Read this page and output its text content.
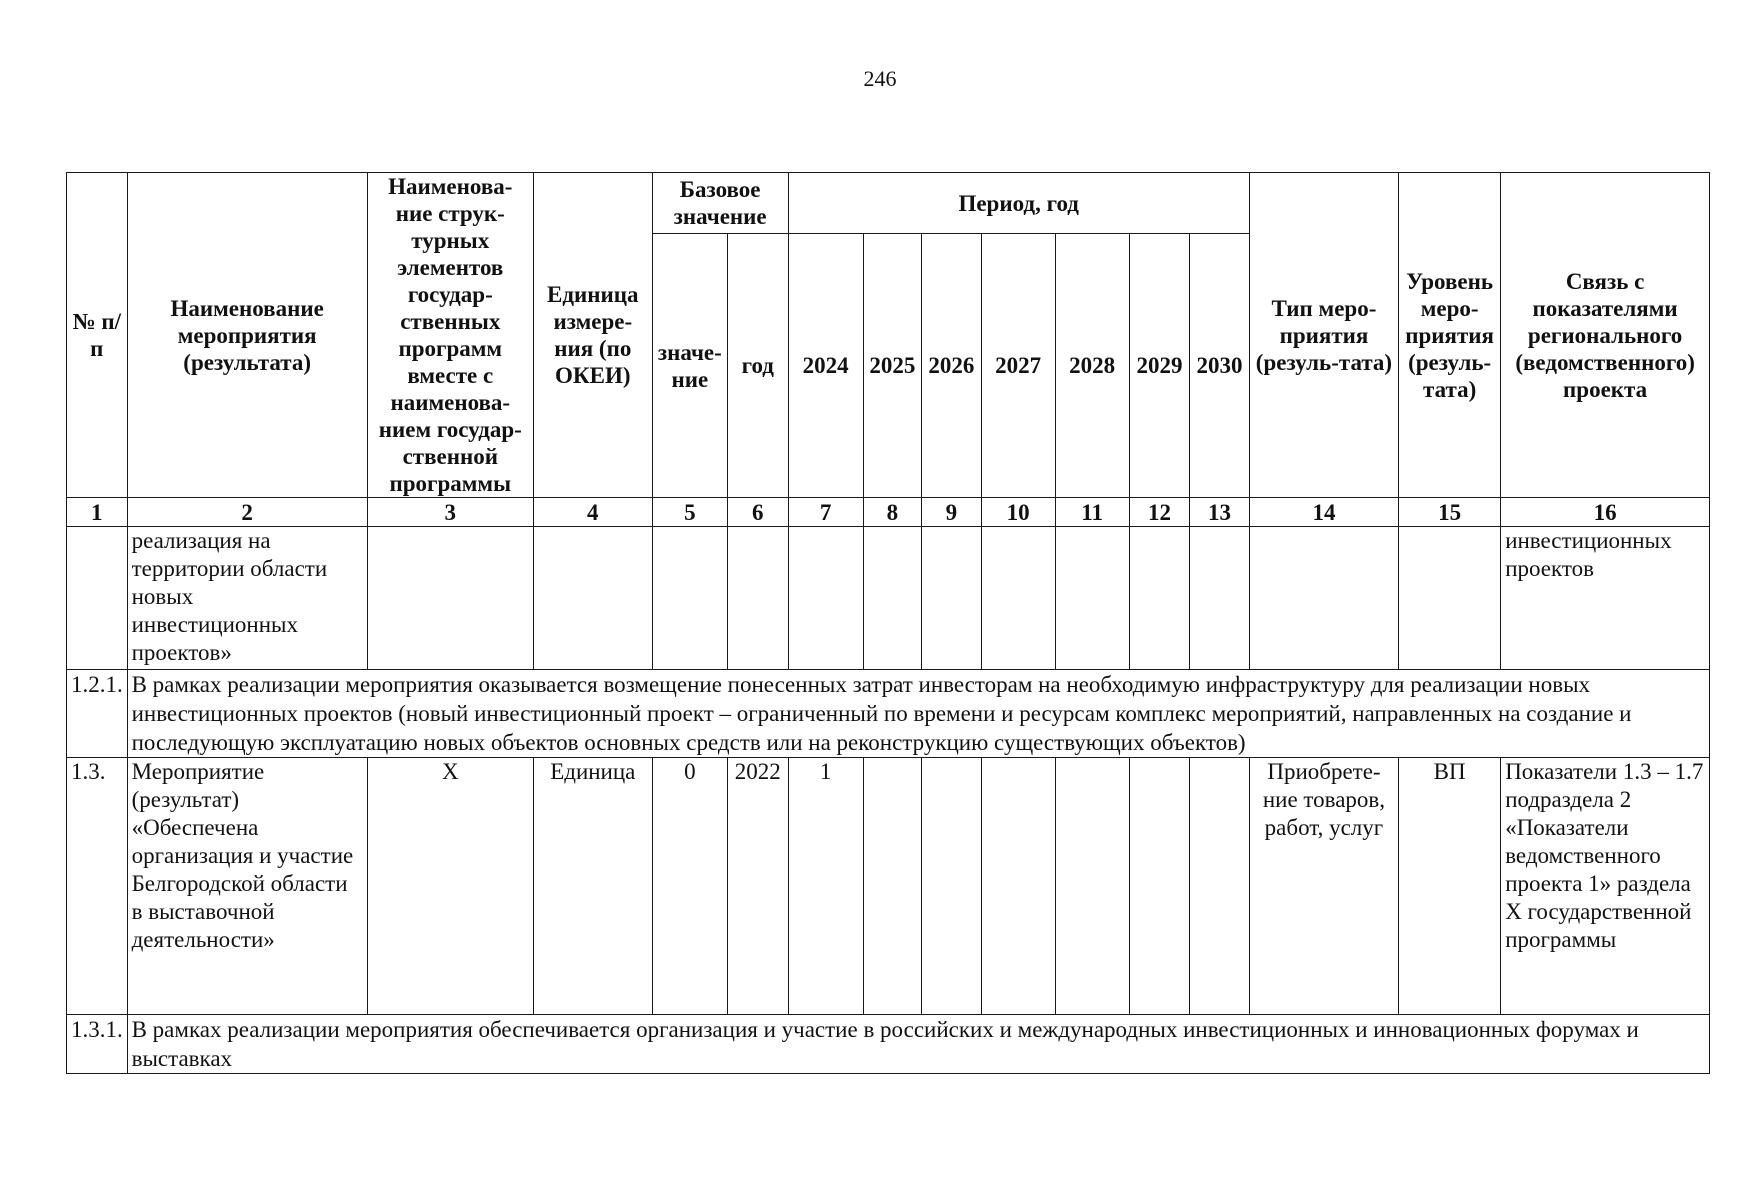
246
№ п/п	Наименование мероприятия (результата)	Наименова-ние струк-турных элементов государ-ственных программ вместе с наименова-нием государ-ственной программы	Единица измере-ния (по ОКЕИ)	Базовое значение		Период, год							Тип меро-приятия (резуль-тата)	Уровень меро-приятия (резуль-тата)	Связь с показателями регионального (ведомственного) проекта
				значе-ние	год	2024	2025	2026	2027	2028	2029	2030			
1	2	3	4	5	6	7	8	9	10	11	12	13	14	15	16
	реализация на территории области новых инвестиционных проектов»														инвестиционных проектов
1.2.1.	В рамках реализации мероприятия оказывается возмещение понесенных затрат инвесторам на необходимую инфраструктуру для реализации новых инвестиционных проектов (новый инвестиционный проект – ограниченный по времени и ресурсам комплекс мероприятий, направленных на создание и последующую эксплуатацию новых объектов основных средств или на реконструкцию существующих объектов)														
1.3.	Мероприятие (результат) «Обеспечена организация и участие Белгородской области в выставочной деятельности»	X	Единица	0	2022	1							Приобрете-ние товаров, работ, услуг	ВП	Показатели 1.3 – 1.7 подраздела 2 «Показатели ведомственного проекта 1» раздела X государственной программы
1.3.1.	В рамках реализации мероприятия обеспечивается организация и участие в российских и международных инвестиционных и инновационных форумах и выставках														
